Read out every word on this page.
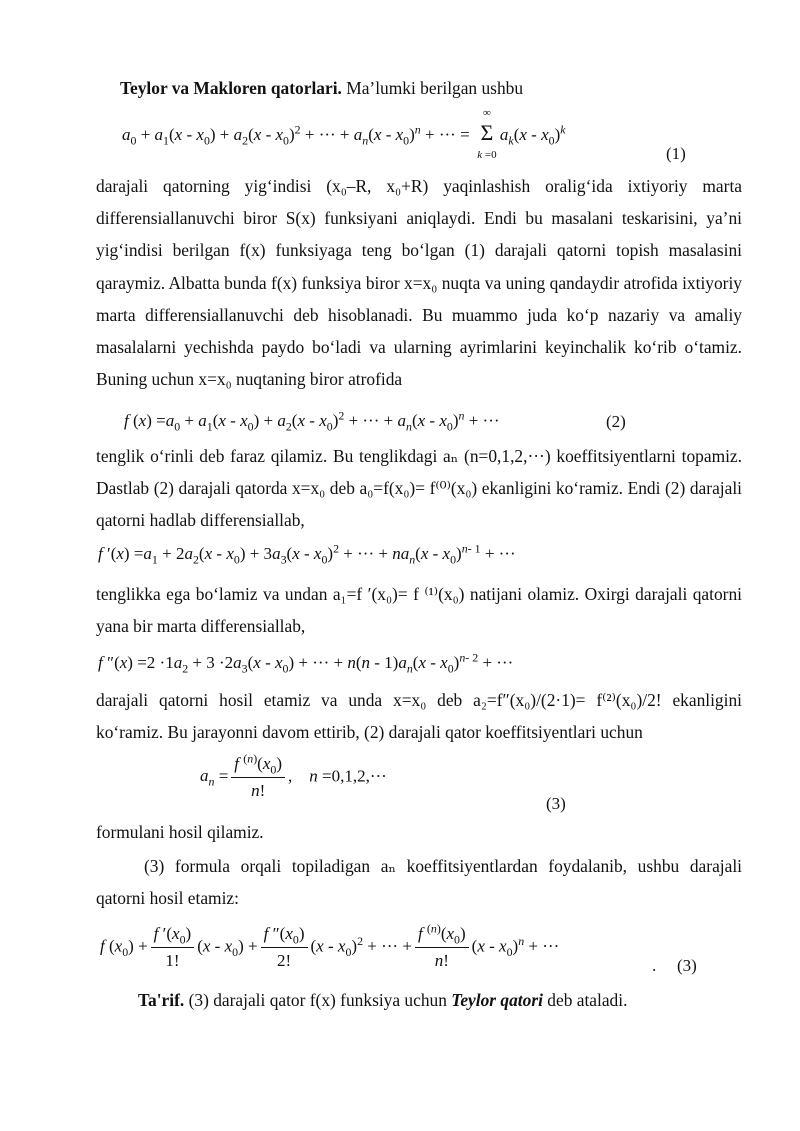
Teylor va Makloren qatorlari. Ma’lumki berilgan ushbu

$a_0 + a_1(x - x_0) + a_2(x - x_0)^2$ + ··· + $a_n(x - x_0)^n$ + ··· =
∞
Σ
k =0
$a_k(x - x_0)^k$
(1)

darajali qatorning yig‘indisi (x₀–R, x₀+R) yaqinlashish oralig‘ida ixtiyoriy marta differensiallanuvchi biror S(x) funksiyani aniqlaydi. Endi bu masalani teskarisini, ya’ni yig‘indisi berilgan f(x) funksiyaga teng bo‘lgan (1) darajali qatorni topish masalasini qaraymiz. Albatta bunda f(x) funksiya biror x=x₀ nuqta va uning qandaydir atrofida ixtiyoriy marta differensiallanuvchi deb hisoblanadi. Bu muammo juda ko‘p nazariy va amaliy masalalarni yechishda paydo bo‘ladi va ularning ayrimlarini keyinchalik ko‘rib o‘tamiz. Buning uchun x=x₀ nuqtaning biror atrofida

f $(x) =a_0 + a_1(x - x_0) + a_2(x - x_0)^2$ + ··· + $a_n(x - x_0)^n$ + ···	(2)

tenglik o‘rinli deb faraz qilamiz. Bu tenglikdagi aₙ (n=0,1,2,···) koeffitsiyentlarni topamiz. Dastlab (2) darajali qatorda x=x₀ deb a₀=f(x₀)= f⁽⁰⁾(x₀) ekanligini ko‘ramiz. Endi (2) darajali qatorni hadlab differensiallab,

f $'(x) =a_1 + 2a_2(x - x_0) + 3a_3(x - x_0)^2$ + ··· + $na_n(x - x_0)^{n- 1}$ + ···

tenglikka ega bo‘lamiz va undan a₁=f ′(x₀)= f ⁽¹⁾(x₀) natijani olamiz. Oxirgi darajali qatorni yana bir marta differensiallab,

f $''(x) =2 \cdot 1a_2 + 3 \cdot 2a_3(x - x_0)$ + ··· + $n(n - 1)a_n(x - x_0)^{n- 2}$ + ···

darajali qatorni hosil etamiz va unda x=x₀ deb a₂=f″(x₀)/(2·1)= f⁽²⁾(x₀)/2! ekanligini ko‘ramiz. Bu jarayonni davom ettirib, (2) darajali qator koeffitsiyentlari uchun

$a_n = \frac{f ^{(n)}(x_0)}{n!}$ ,    n =0,1,2,···
(3)

formulani hosil qilamiz.

(3) formula orqali topiladigan aₙ koeffitsiyentlardan foydalanib, ushbu darajali qatorni hosil etamiz:

f $(x_0) + \frac{f '(x_0)}{1!} (x - x_0) + \frac{f ''(x_0)}{2!} (x - x_0)^2$ + ··· + $\frac{f ^{(n)}(x_0)}{n!} (x - x_0)^n$ + ···
. (3)

Ta'rif. (3) darajali qator f(x) funksiya uchun Teylor qatori deb ataladi.
